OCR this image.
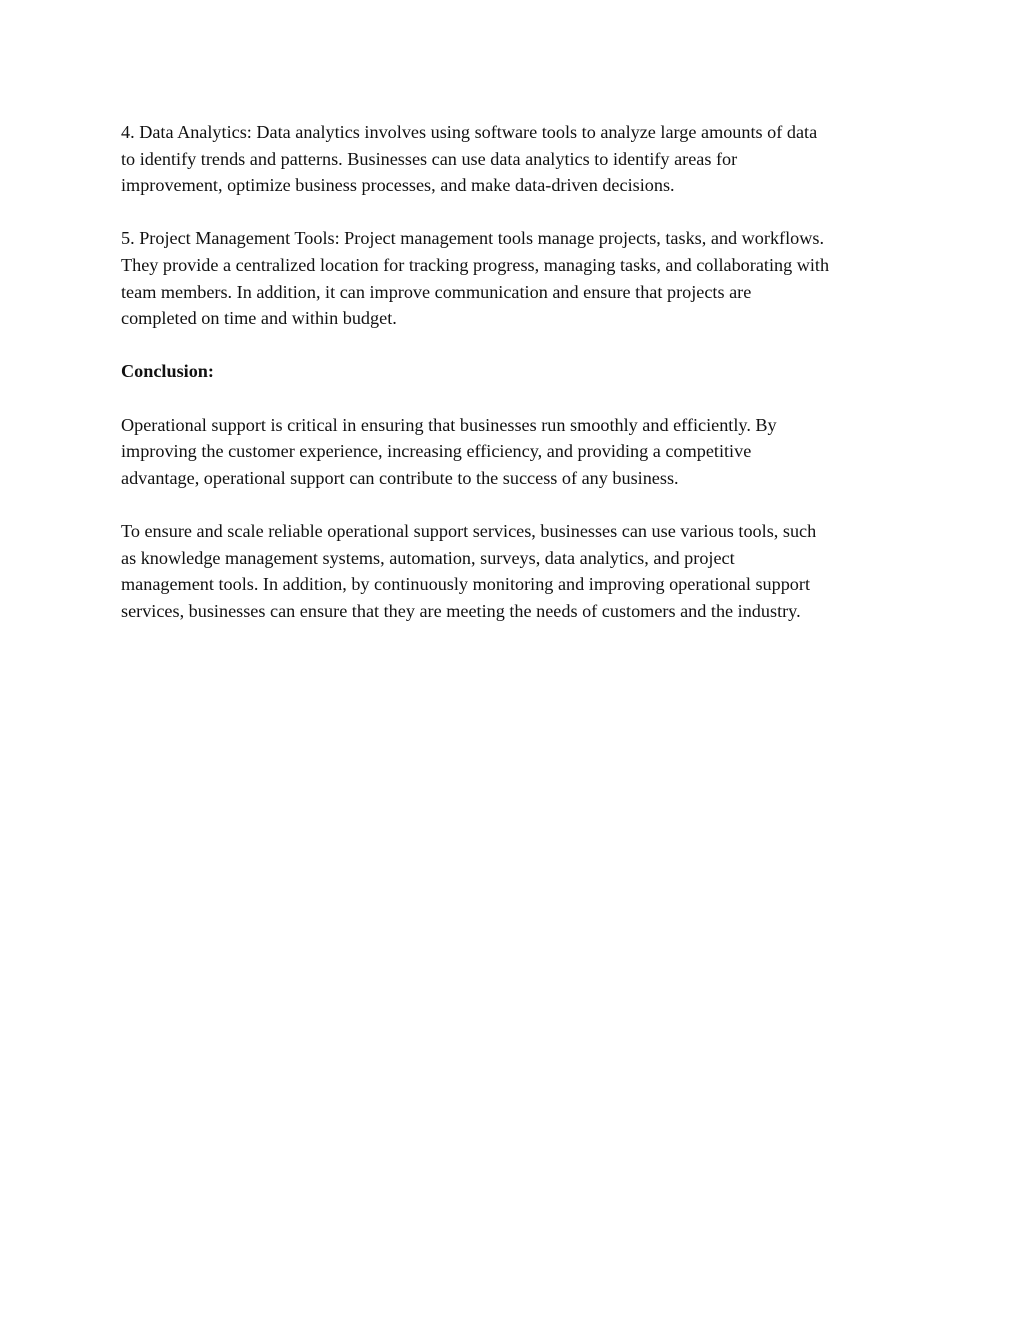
4. Data Analytics: Data analytics involves using software tools to analyze large amounts of data
to identify trends and patterns. Businesses can use data analytics to identify areas for
improvement, optimize business processes, and make data-driven decisions.

5. Project Management Tools: Project management tools manage projects, tasks, and workflows.
They provide a centralized location for tracking progress, managing tasks, and collaborating with
team members. In addition, it can improve communication and ensure that projects are
completed on time and within budget.

Conclusion:

Operational support is critical in ensuring that businesses run smoothly and efficiently. By
improving the customer experience, increasing efficiency, and providing a competitive
advantage, operational support can contribute to the success of any business.

To ensure and scale reliable operational support services, businesses can use various tools, such
as knowledge management systems, automation, surveys, data analytics, and project
management tools. In addition, by continuously monitoring and improving operational support
services, businesses can ensure that they are meeting the needs of customers and the industry.
